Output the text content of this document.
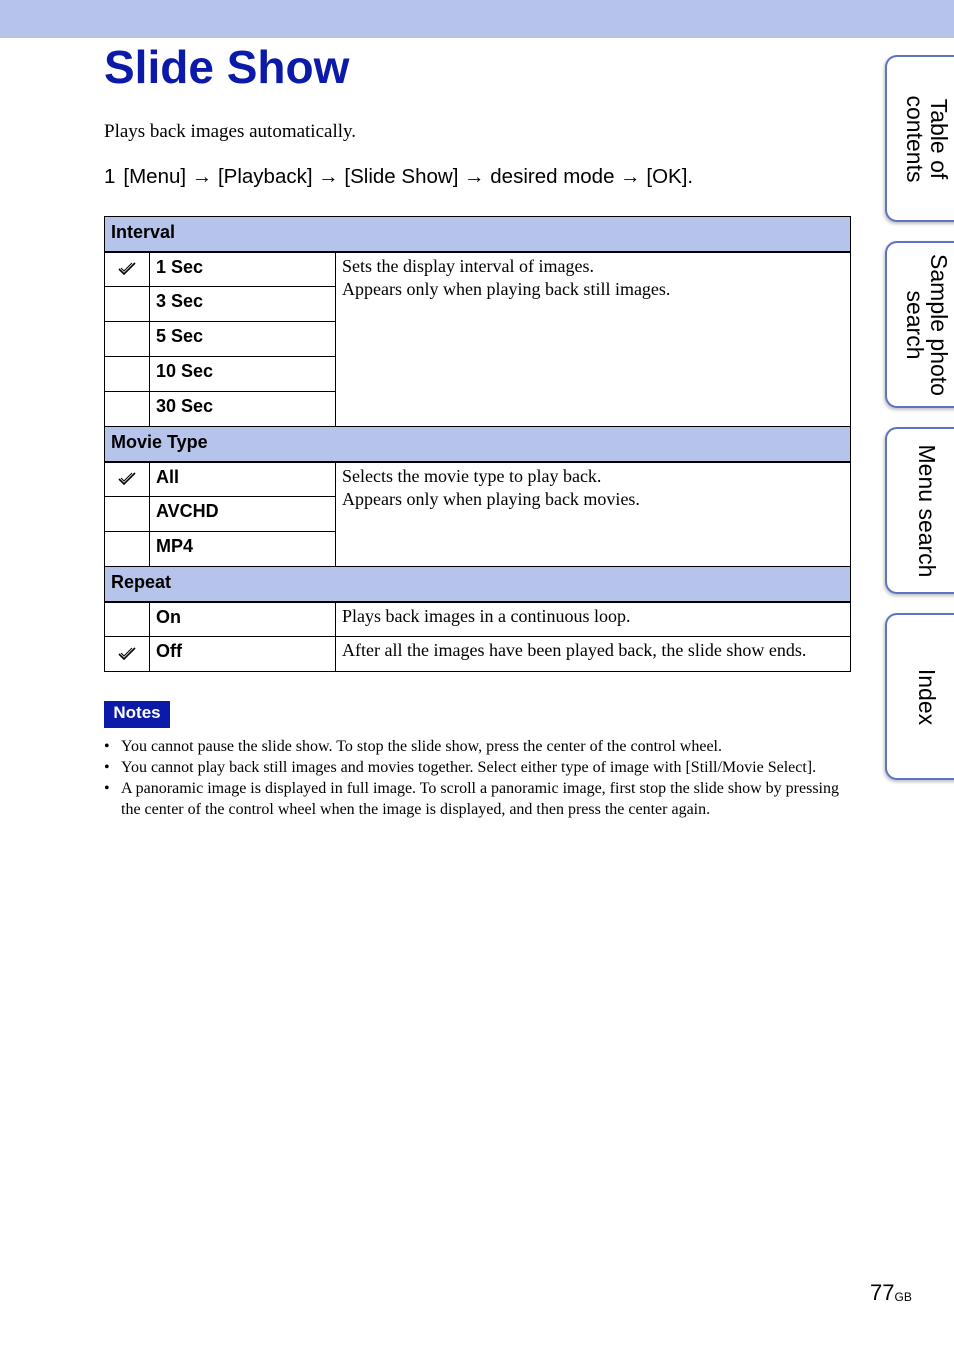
Slide Show
Plays back images automatically.
1 [Menu] → [Playback] → [Slide Show] → desired mode → [OK].
Interval		

	1 Sec	Sets the display interval of images.
Appears only when playing back still images.

	3 Sec	
	5 Sec	
	10 Sec	
	30 Sec	
Movie Type		

	All	Selects the movie type to play back.
Appears only when playing back movies.

	AVCHD	
	MP4	
Repeat		
	On	Plays back images in a continuous loop.

	Off	After all the images have been played back, the slide show ends.
Notes
• You cannot pause the slide show. To stop the slide show, press the center of the control wheel.
• You cannot play back still images and movies together. Select either type of image with [Still/Movie Select].
• A panoramic image is displayed in full image. To scroll a panoramic image, first stop the slide show by pressing the center of the control wheel when the image is displayed, and then press the center again.
Table of contents
Sample photo search
Menu search
Index
$77^{GB}$
